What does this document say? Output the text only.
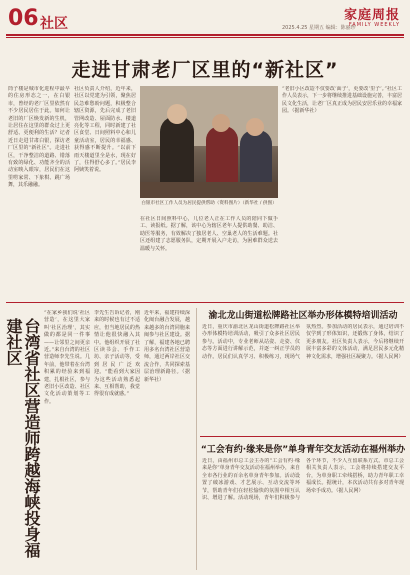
06 社区	2025.4.25 星期五 编辑：陈丽珍
家庭周报
FAMILY WEEKLY
走进甘肃老厂区里的“新社区”
筒子楼是城市化进程中最早的住房形态之一，在白银市，曾经的老厂区里依然有不少居民居住于此。如何让老旧的厂区焕发新的生机，让居住在这里的群众过上更舒适、更便利的生活？记者近日走进甘肃白银，探访老厂区里的“新社区”。走进社区，干净整洁的道路、错落有致的绿化、功能齐全的活动室映入眼帘，居民们在这里唠家常、下象棋、跳广场舞，其乐融融。
社区负责人介绍，近年来，社区以党建为引领，聚焦居民急难愁盼问题，积极整合辖区资源，先后完成了老旧管网改造、屋面防水、楼道亮化等工程，同时新建了社区食堂、日间照料中心和儿童活动室，居民的幸福感、获得感不断提升。“以前下雨天楼道里全是水，现在好了，住得舒心多了。”居民李阿姨笑着说。
白银市社区工作人员为居民提供帮助（资料图片）（新华社 / 供图）
在社区日间照料中心，几位老人正在工作人员的陪同下做手工、读报纸。据了解，该中心为辖区老年人提供助餐、助洁、助医等服务，有效解决了独居老人、空巢老人的生活难题。社区还组建了志愿服务队，定期开展入户走访，为困难群众送去温暖与关怀。
“老旧小区改造不仅要改‘面子’，更要改‘里子’。”社区工作人员表示，下一步将继续推进基础设施完善，丰富居民文化生活，让老厂区真正成为居民安居乐业的幸福家园。（据新华社）
台湾省社区营造师跨越海峡投身福建社区
“在家乡我们说‘社区营造’，在这里大家叫‘社区治理’，其实做的都是同一件事——让邻里之间更亲近。”来自台湾的社区营造师李先生说。几年前，他带着在台湾积累的经验来到福建，扎根社区，参与老旧小区改造、社区文化活动策划等工作。
李先生告诉记者，刚来的时候也有过不适应，但当地居民的热情让他很快融入其中。他组织开展了社区读书会、手作工坊、亲子活动等，受到居民广泛欢迎。“能看到大家因为这些活动熟悉起来、互相帮助，我觉得很有成就感。”
近年来，福建持续深化闽台融合发展，越来越多的台湾同胞来闽参与社区建设。据了解，福建各地已聘用多名台湾社区营造师，通过两岸社区交流合作，共同探索基层治理新路径。（据新华社）
渝北龙山街道松牌路社区举办形体模特培训活动
近日，重庆市渝北区龙山街道松牌路社区举办形体模特培训活动，吸引了众多社区居民参与。活动中，专业老师从站姿、走姿、仪态等方面进行讲解示范，并逐一纠正学员的动作。居民们认真学习、积极练习，现场气氛热烈。参加活动的居民表示，通过培训不仅学到了形体知识，还锻炼了身体，结识了更多朋友。社区负责人表示，今后将继续开展丰富多彩的文体活动，满足居民多元化精神文化需求，增强社区凝聚力。（据人民网）
“工会有约·缘来是你”单身青年交友活动在福州举办
近日，由福州市总工会主办的“工会有约·缘来是你”单身青年交友活动在福州举办，来自全市各行业的百余名单身青年参加。活动设置了破冰游戏、才艺展示、互动交流等环节，帮助青年们在轻松愉快的氛围中相互认识、增进了解。活动现场，青年们积极参与各个环节，不少人互留联系方式。市总工会相关负责人表示，工会将持续搭建交友平台，为单身职工牵线搭桥，助力青年职工幸福成长。据统计，本次活动共有多对青年现场牵手成功。（据人民网）
